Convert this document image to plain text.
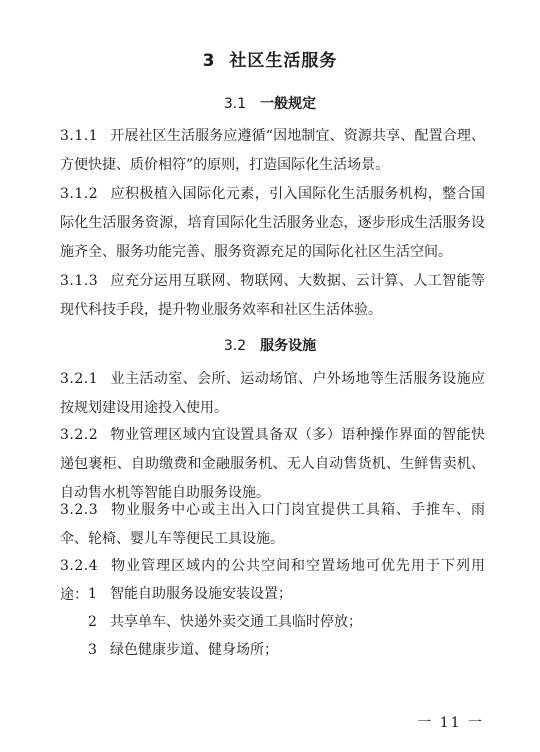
3 社区生活服务
3.1 一般规定
3.1.1 开展社区生活服务应遵循“因地制宜、资源共享、配置合理、方便快捷、质价相符”的原则，打造国际化生活场景。
3.1.2 应积极植入国际化元素，引入国际化生活服务机构，整合国际化生活服务资源，培育国际化生活服务业态，逐步形成生活服务设施齐全、服务功能完善、服务资源充足的国际化社区生活空间。
3.1.3 应充分运用互联网、物联网、大数据、云计算、人工智能等现代科技手段，提升物业服务效率和社区生活体验。
3.2 服务设施
3.2.1 业主活动室、会所、运动场馆、户外场地等生活服务设施应按规划建设用途投入使用。
3.2.2 物业管理区域内宜设置具备双（多）语种操作界面的智能快递包裹柜、自助缴费和金融服务机、无人自动售货机、生鲜售卖机、自动售水机等智能自助服务设施。
3.2.3 物业服务中心或主出入口门岗宜提供工具箱、手推车、雨伞、轮椅、婴儿车等便民工具设施。
3.2.4 物业管理区域内的公共空间和空置场地可优先用于下列用途： 1 智能自助服务设施安装设置；
2 共享单车、快递外卖交通工具临时停放；
3 绿色健康步道、健身场所；
一 11 一
